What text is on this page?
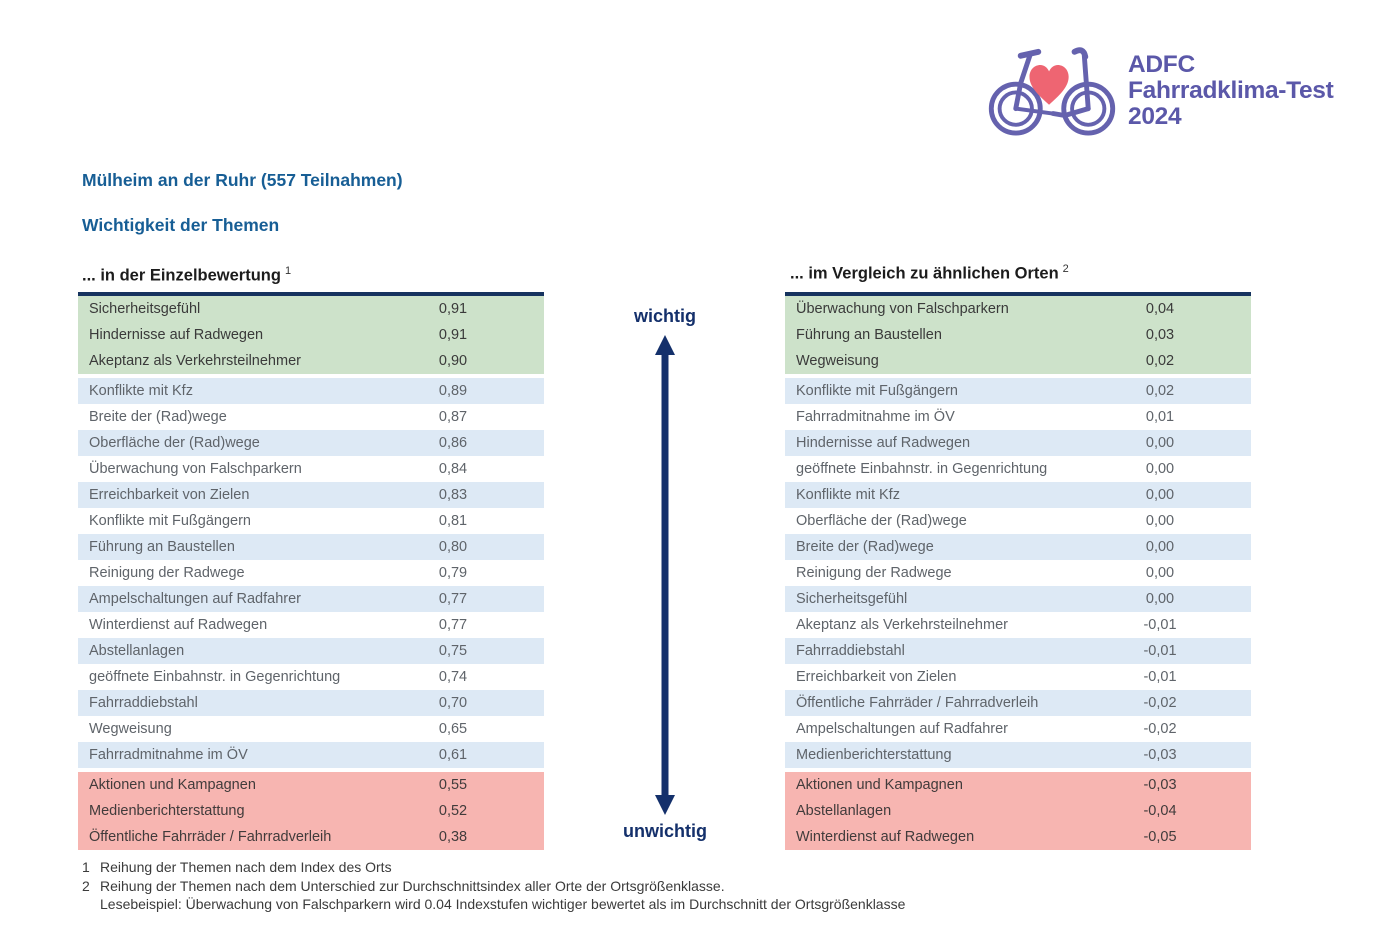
ADFC
Fahrradklima-Test
2024
Mülheim an der Ruhr (557 Teilnahmen)
Wichtigkeit der Themen
... in der Einzelbewertung $^1$	... im Vergleich zu ähnlichen Orten $^2$
Sicherheitsgefühl	0,91
Hindernisse auf Radwegen	0,91
Akeptanz als Verkehrsteilnehmer	0,90
Konflikte mit Kfz	0,89
Breite der (Rad)wege	0,87
Oberfläche der (Rad)wege	0,86
Überwachung von Falschparkern	0,84
Erreichbarkeit von Zielen	0,83
Konflikte mit Fußgängern	0,81
Führung an Baustellen	0,80
Reinigung der Radwege	0,79
Ampelschaltungen auf Radfahrer	0,77
Winterdienst auf Radwegen	0,77
Abstellanlagen	0,75
geöffnete Einbahnstr. in Gegenrichtung	0,74
Fahrraddiebstahl	0,70
Wegweisung	0,65
Fahrradmitnahme im ÖV	0,61
Aktionen und Kampagnen	0,55
Medienberichterstattung	0,52
Öffentliche Fahrräder / Fahrradverleih	0,38
Überwachung von Falschparkern	0,04
Führung an Baustellen	0,03
Wegweisung	0,02
Konflikte mit Fußgängern	0,02
Fahrradmitnahme im ÖV	0,01
Hindernisse auf Radwegen	0,00
geöffnete Einbahnstr. in Gegenrichtung	0,00
Konflikte mit Kfz	0,00
Oberfläche der (Rad)wege	0,00
Breite der (Rad)wege	0,00
Reinigung der Radwege	0,00
Sicherheitsgefühl	0,00
Akeptanz als Verkehrsteilnehmer	-0,01
Fahrraddiebstahl	-0,01
Erreichbarkeit von Zielen	-0,01
Öffentliche Fahrräder / Fahrradverleih	-0,02
Ampelschaltungen auf Radfahrer	-0,02
Medienberichterstattung	-0,03
Aktionen und Kampagnen	-0,03
Abstellanlagen	-0,04
Winterdienst auf Radwegen	-0,05
wichtig
unwichtig
1 Reihung der Themen nach dem Index des Orts
2 Reihung der Themen nach dem Unterschied zur Durchschnittsindex aller Orte der Ortsgrößenklasse.
Lesebeispiel: Überwachung von Falschparkern wird 0.04 Indexstufen wichtiger bewertet als im Durchschnitt der Ortsgrößenklasse
